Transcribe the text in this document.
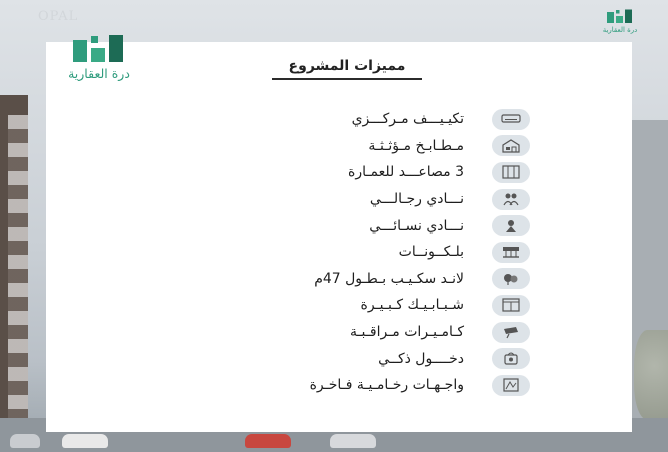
OPAL
درة العقارية
درة العقارية
مميزات المشروع
تكيـيـــف مـركـــزي
مـطـابـخ مـؤثـثـة
3 مصاعـــد للعمـارة
نـــادي رجـالـــي
نـــادي نسـائـــي
بلـكــونــات
لانـد سكـيـب بـطـول 47م
شـبـابـيـك كـبـيـرة
كـامـيـرات مـراقـبـة
دخــــول ذكــي
واجـهـات رخـامـيـة فـاخـرة
